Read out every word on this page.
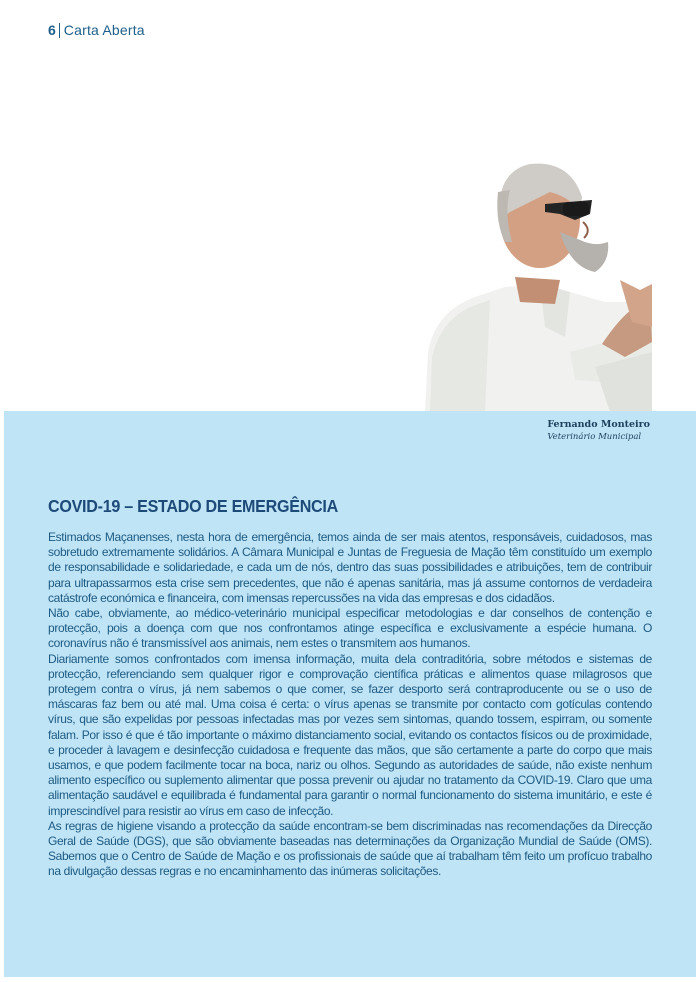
6 Carta Aberta
Fernando Monteiro
Veterinário Municipal
COVID-19 – ESTADO DE EMERGÊNCIA

Estimados Maçanenses, nesta hora de emergência, temos ainda de ser mais atentos, responsáveis, cuidadosos, mas sobretudo extremamente solidários. A Câmara Municipal e Juntas de Freguesia de Mação têm constituído um exemplo de responsabilidade e solidariedade, e cada um de nós, dentro das suas possibilidades e atribuições, tem de contribuir para ultrapassarmos esta crise sem precedentes, que não é apenas sanitária, mas já assume contornos de verdadeira catástrofe económica e financeira, com imensas repercussões na vida das empresas e dos cidadãos.

Não cabe, obviamente, ao médico-veterinário municipal especificar metodologias e dar conselhos de contenção e protecção, pois a doença com que nos confrontamos atinge específica e exclusivamente a espécie humana. O coronavírus não é transmissível aos animais, nem estes o transmitem aos humanos.

Diariamente somos confrontados com imensa informação, muita dela contraditória, sobre métodos e sistemas de protecção, referenciando sem qualquer rigor e comprovação científica práticas e alimentos quase milagrosos que protegem contra o vírus, já nem sabemos o que comer, se fazer desporto será contraproducente ou se o uso de máscaras faz bem ou até mal. Uma coisa é certa: o vírus apenas se transmite por contacto com gotículas contendo vírus, que são expelidas por pessoas infectadas mas por vezes sem sintomas, quando tossem, espirram, ou somente falam. Por isso é que é tão importante o máximo distanciamento social, evitando os contactos físicos ou de proximidade, e proceder à lavagem e desinfecção cuidadosa e frequente das mãos, que são certamente a parte do corpo que mais usamos, e que podem facilmente tocar na boca, nariz ou olhos. Segundo as autoridades de saúde, não existe nenhum alimento específico ou suplemento alimentar que possa prevenir ou ajudar no tratamento da COVID-19. Claro que uma alimentação saudável e equilibrada é fundamental para garantir o normal funcionamento do sistema imunitário, e este é imprescindível para resistir ao vírus em caso de infecção.

As regras de higiene visando a protecção da saúde encontram-se bem discriminadas nas recomendações da Direcção Geral de Saúde (DGS), que são obviamente baseadas nas determinações da Organização Mundial de Saúde (OMS). Sabemos que o Centro de Saúde de Mação e os profissionais de saúde que aí trabalham têm feito um profícuo trabalho na divulgação dessas regras e no encaminhamento das inúmeras solicitações.
